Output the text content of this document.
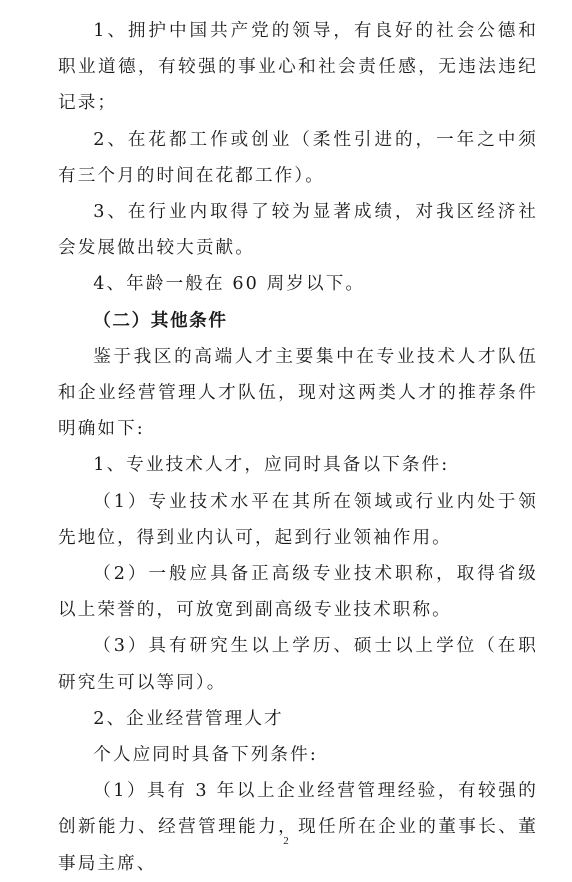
1、拥护中国共产党的领导，有良好的社会公德和职业道德，有较强的事业心和社会责任感，无违法违纪记录；

2、在花都工作或创业（柔性引进的，一年之中须有三个月的时间在花都工作）。

3、在行业内取得了较为显著成绩，对我区经济社会发展做出较大贡献。

4、年龄一般在 60 周岁以下。

（二）其他条件

鉴于我区的高端人才主要集中在专业技术人才队伍和企业经营管理人才队伍，现对这两类人才的推荐条件明确如下:

1、专业技术人才，应同时具备以下条件:

（1）专业技术水平在其所在领域或行业内处于领先地位，得到业内认可，起到行业领袖作用。

（2）一般应具备正高级专业技术职称，取得省级以上荣誉的，可放宽到副高级专业技术职称。

（3）具有研究生以上学历、硕士以上学位（在职研究生可以等同）。

2、企业经营管理人才

个人应同时具备下列条件:

（1）具有 3 年以上企业经营管理经验，有较强的创新能力、经营管理能力，现任所在企业的董事长、董事局主席、

2
